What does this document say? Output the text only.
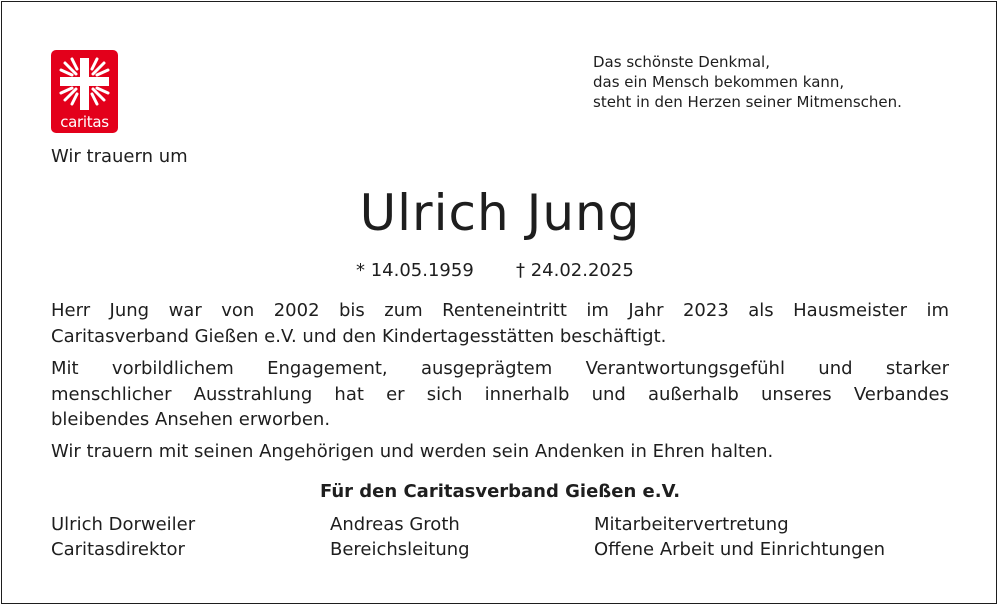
caritas
Das schönste Denkmal,
das ein Mensch bekommen kann,
steht in den Herzen seiner Mitmenschen.
Wir trauern um
Ulrich Jung
* 14.05.1959 † 24.02.2025
Herr Jung war von 2002 bis zum Renteneintritt im Jahr 2023 als Hausmeister im
Caritasverband Gießen e.V. und den Kindertagesstätten beschäftigt.
Mit vorbildlichem Engagement, ausgeprägtem Verantwortungsgefühl und starker
menschlicher Ausstrahlung hat er sich innerhalb und außerhalb unseres Verbandes
bleibendes Ansehen erworben.
Wir trauern mit seinen Angehörigen und werden sein Andenken in Ehren halten.
Für den Caritasverband Gießen e.V.
Ulrich Dorweiler
Caritasdirektor
Andreas Groth
Bereichsleitung
Mitarbeitervertretung
Offene Arbeit und Einrichtungen
